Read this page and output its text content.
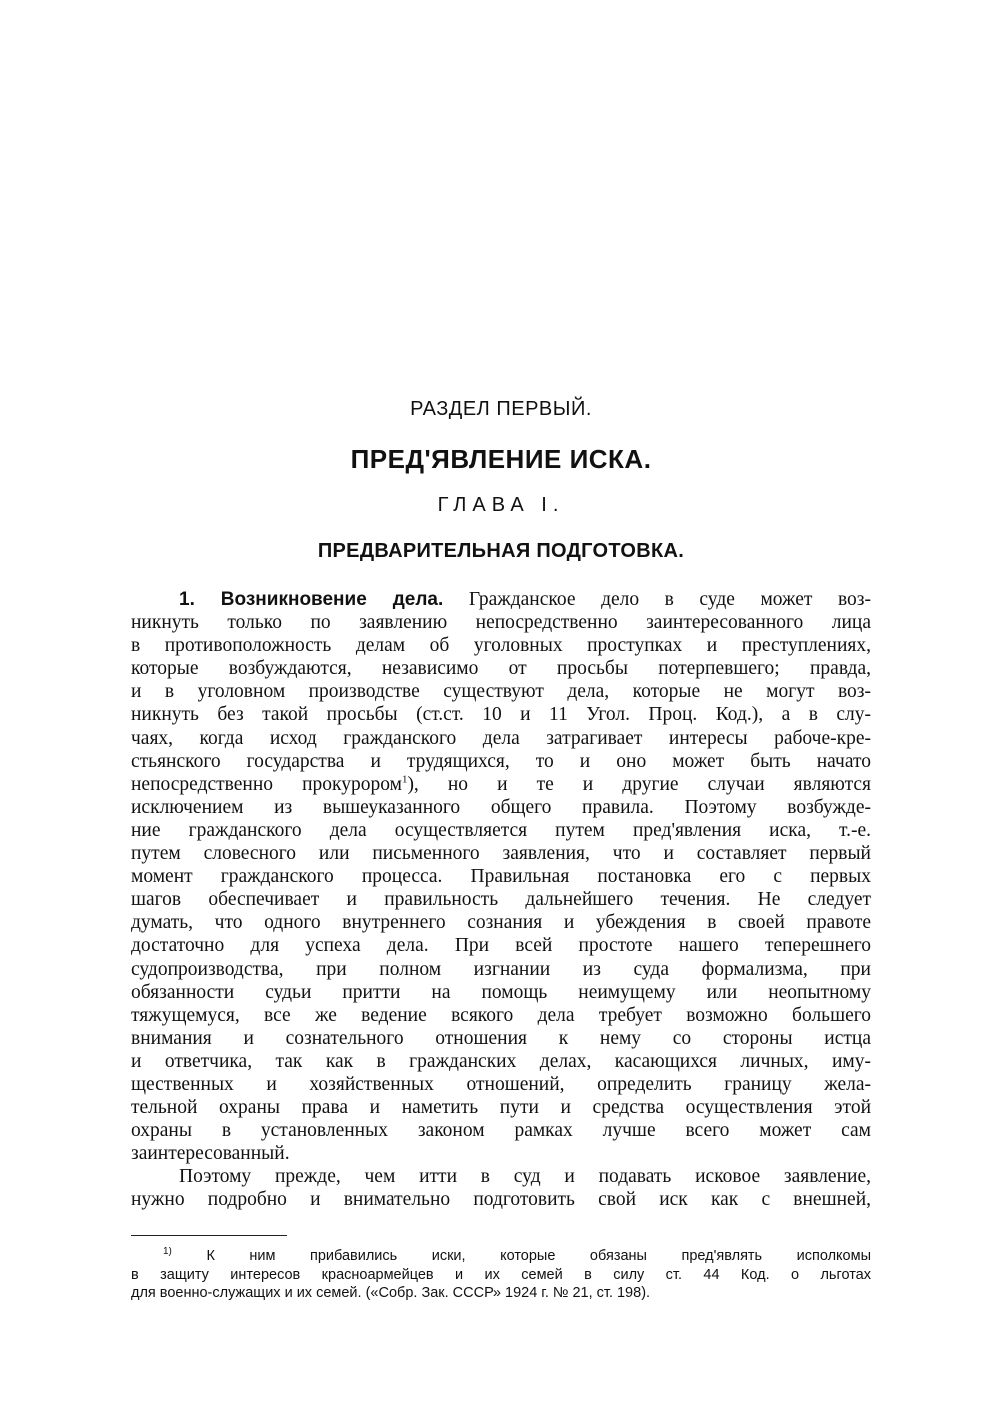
РАЗДЕЛ ПЕРВЫЙ.
ПРЕД'ЯВЛЕНИЕ ИСКА.
ГЛАВА I.
ПРЕДВАРИТЕЛЬНАЯ ПОДГОТОВКА.
1. Возникновение дела. Гражданское дело в суде может воз-
никнуть только по заявлению непосредственно заинтересованного лица
в противоположность делам об уголовных проступках и преступлениях,
которые возбуждаются, независимо от просьбы потерпевшего; правда,
и в уголовном производстве существуют дела, которые не могут воз-
никнуть без такой просьбы (ст.ст. 10 и 11 Угол. Проц. Код.), а в слу-
чаях, когда исход гражданского дела затрагивает интересы рабоче-кре-
стьянского государства и трудящихся, то и оно может быть начато
непосредственно прокурором$^1$), но и те и другие случаи являются
исключением из вышеуказанного общего правила. Поэтому возбужде-
ние гражданского дела осуществляется путем пред'явления иска, т.-е.
путем словесного или письменного заявления, что и составляет первый
момент гражданского процесса. Правильная постановка его с первых
шагов обеспечивает и правильность дальнейшего течения. Не следует
думать, что одного внутреннего сознания и убеждения в своей правоте
достаточно для успеха дела. При всей простоте нашего теперешнего
судопроизводства, при полном изгнании из суда формализма, при
обязанности судьи притти на помощь неимущему или неопытному
тяжущемуся, все же ведение всякого дела требует возможно большего
внимания и сознательного отношения к нему со стороны истца
и ответчика, так как в гражданских делах, касающихся личных, иму-
щественных и хозяйственных отношений, определить границу жела-
тельной охраны права и наметить пути и средства осуществления этой
охраны в установленных законом рамках лучше всего может сам
заинтересованный.
Поэтому прежде, чем итти в суд и подавать исковое заявление,
нужно подробно и внимательно подготовить свой иск как с внешней,
$^{1)}$ К ним прибавились иски, которые обязаны пред'являть исполкомы
в защиту интересов красноармейцев и их семей в силу ст. 44 Код. о льготах
для военно-служащих и их семей. («Собр. Зак. СССР» 1924 г. № 21, ст. 198).
